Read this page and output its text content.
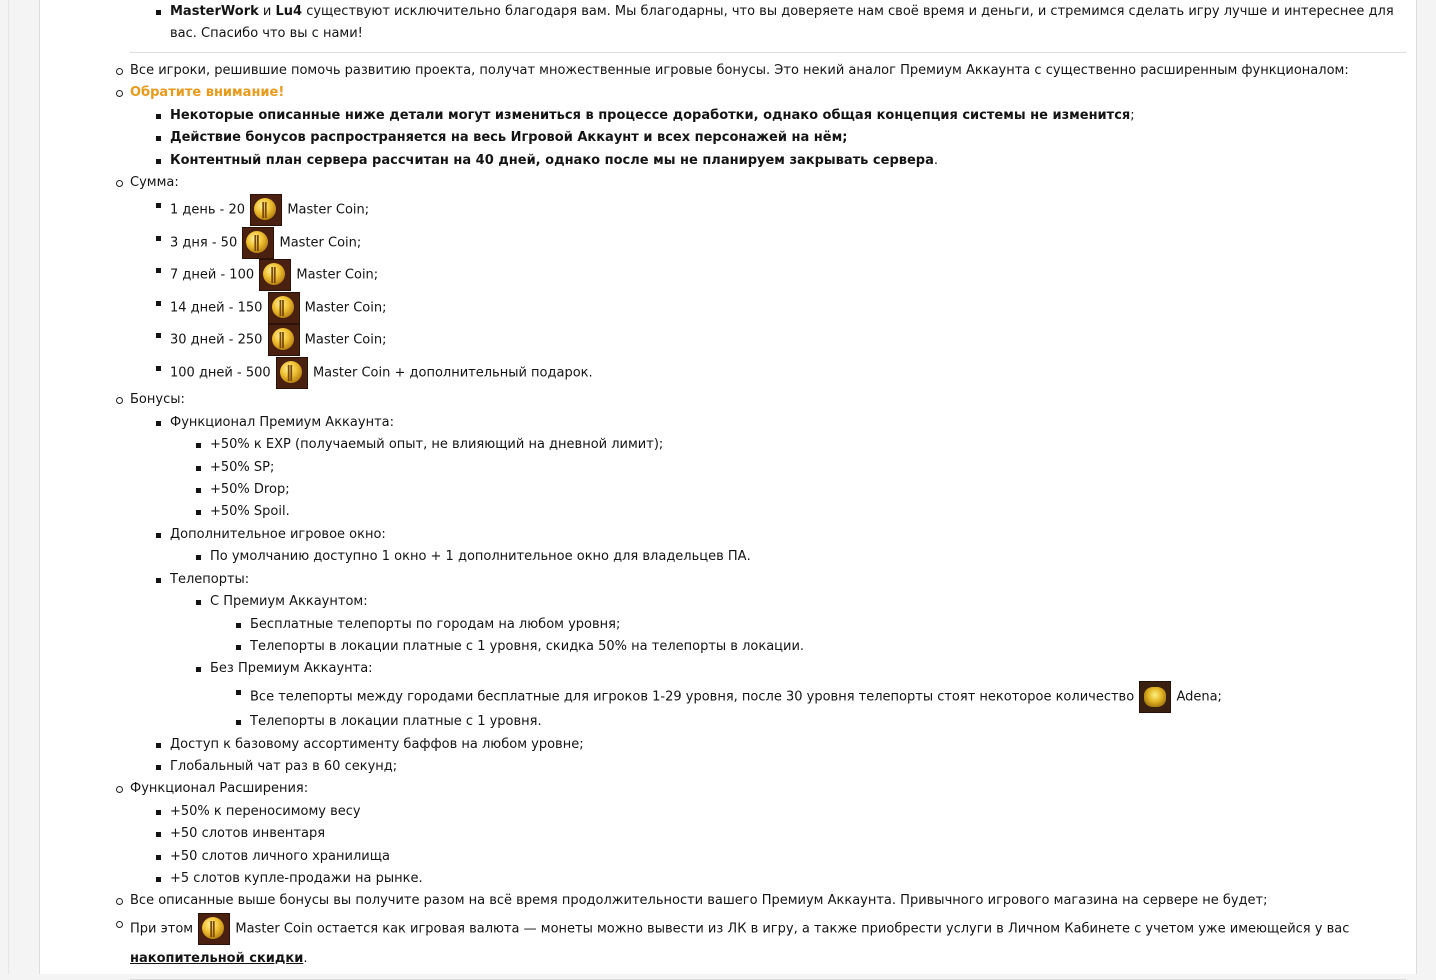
MasterWork и Lu4 существуют исключительно благодаря вам. Мы благодарны, что вы доверяете нам своё время и деньги, и стремимся сделать игру лучше и интереснее для вас. Спасибо что вы с нами!
Все игроки, решившие помочь развитию проекта, получат множественные игровые бонусы. Это некий аналог Премиум Аккаунта с существенно расширенным функционалом:
Обратите внимание!
Некоторые описанные ниже детали могут измениться в процессе доработки, однако общая концепция системы не изменится;
Действие бонусов распространяется на весь Игровой Аккаунт и всех персонажей на нём;
Контентный план сервера рассчитан на 40 дней, однако после мы не планируем закрывать сервера.
Сумма:
1 день - 20 ‖	Master Coin;
3 дня - 50 ‖	Master Coin;
7 дней - 100 ‖	Master Coin;
14 дней - 150 ‖	Master Coin;
30 дней - 250 ‖	Master Coin;
100 дней - 500 ‖	Master Coin + дополнительный подарок.
Бонусы:
Функционал Премиум Аккаунта:
+50% к EXP (получаемый опыт, не влияющий на дневной лимит);
+50% SP;
+50% Drop;
+50% Spoil.
Дополнительное игровое окно:
По умолчанию доступно 1 окно + 1 дополнительное окно для владельцев ПА.
Телепорты:
С Премиум Аккаунтом:
Бесплатные телепорты по городам на любом уровня;
Телепорты в локации платные с 1 уровня, скидка 50% на телепорты в локации.
Без Премиум Аккаунта:
Все телепорты между городами бесплатные для игроков 1-29 уровня, после 30 уровня телепорты стоят некоторое количество	Adena;
Телепорты в локации платные с 1 уровня.
Доступ к базовому ассортименту баффов на любом уровне;
Глобальный чат раз в 60 секунд;
Функционал Расширения:
+50% к переносимому весу
+50 слотов инвентаря
+50 слотов личного хранилища
+5 слотов купле-продажи на рынке.
Все описанные выше бонусы вы получите разом на всё время продолжительности вашего Премиум Аккаунта. Привычного игрового магазина на сервере не будет;
При этом ‖	Master Coin остается как игровая валюта — монеты можно вывести из ЛК в игру, а также приобрести услуги в Личном Кабинете с учетом уже имеющейся у вас накопительной скидки.
